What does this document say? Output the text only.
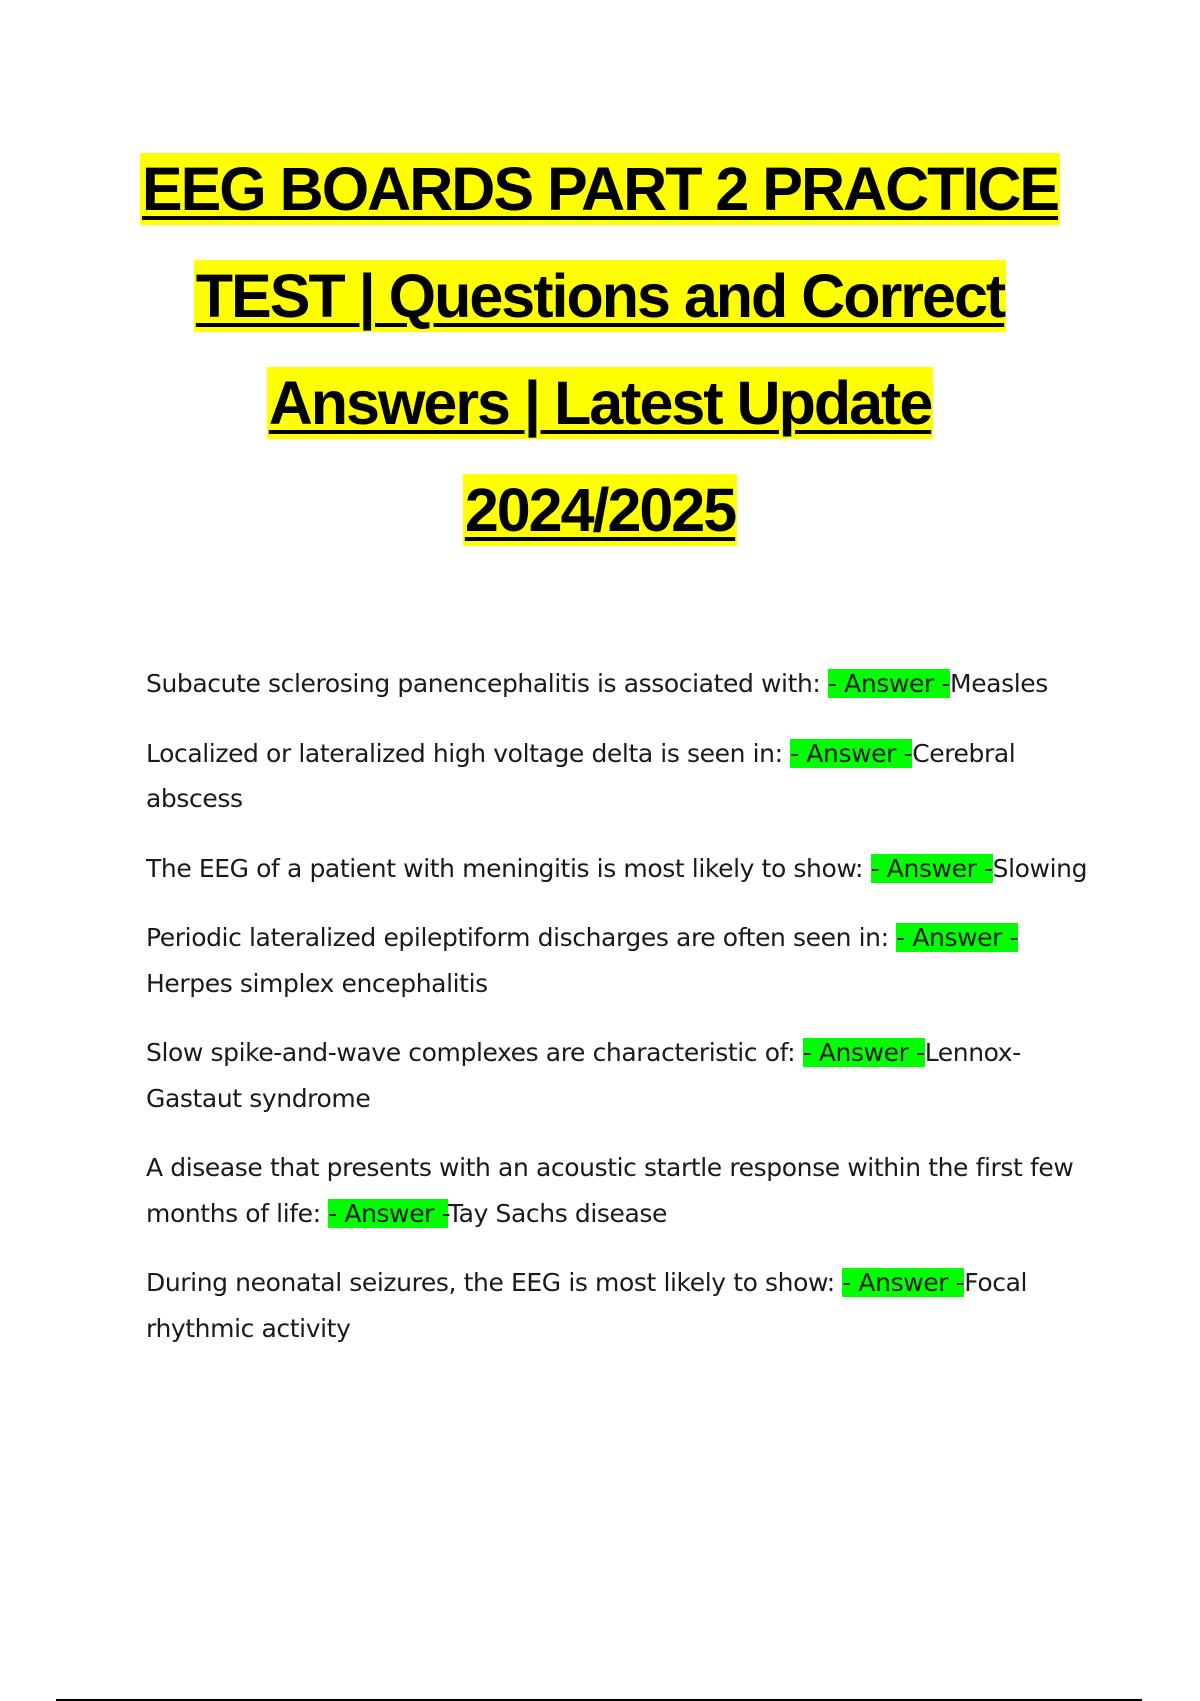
EEG BOARDS PART 2 PRACTICE
TEST | Questions and Correct
Answers | Latest Update
2024/2025
Subacute sclerosing panencephalitis is associated with: - Answer -Measles
Localized or lateralized high voltage delta is seen in: - Answer -Cerebral abscess
The EEG of a patient with meningitis is most likely to show: - Answer -Slowing
Periodic lateralized epileptiform discharges are often seen in: - Answer -Herpes simplex encephalitis
Slow spike-and-wave complexes are characteristic of: - Answer -Lennox-Gastaut syndrome
A disease that presents with an acoustic startle response within the first few months of life: - Answer -Tay Sachs disease
During neonatal seizures, the EEG is most likely to show: - Answer -Focal rhythmic activity
